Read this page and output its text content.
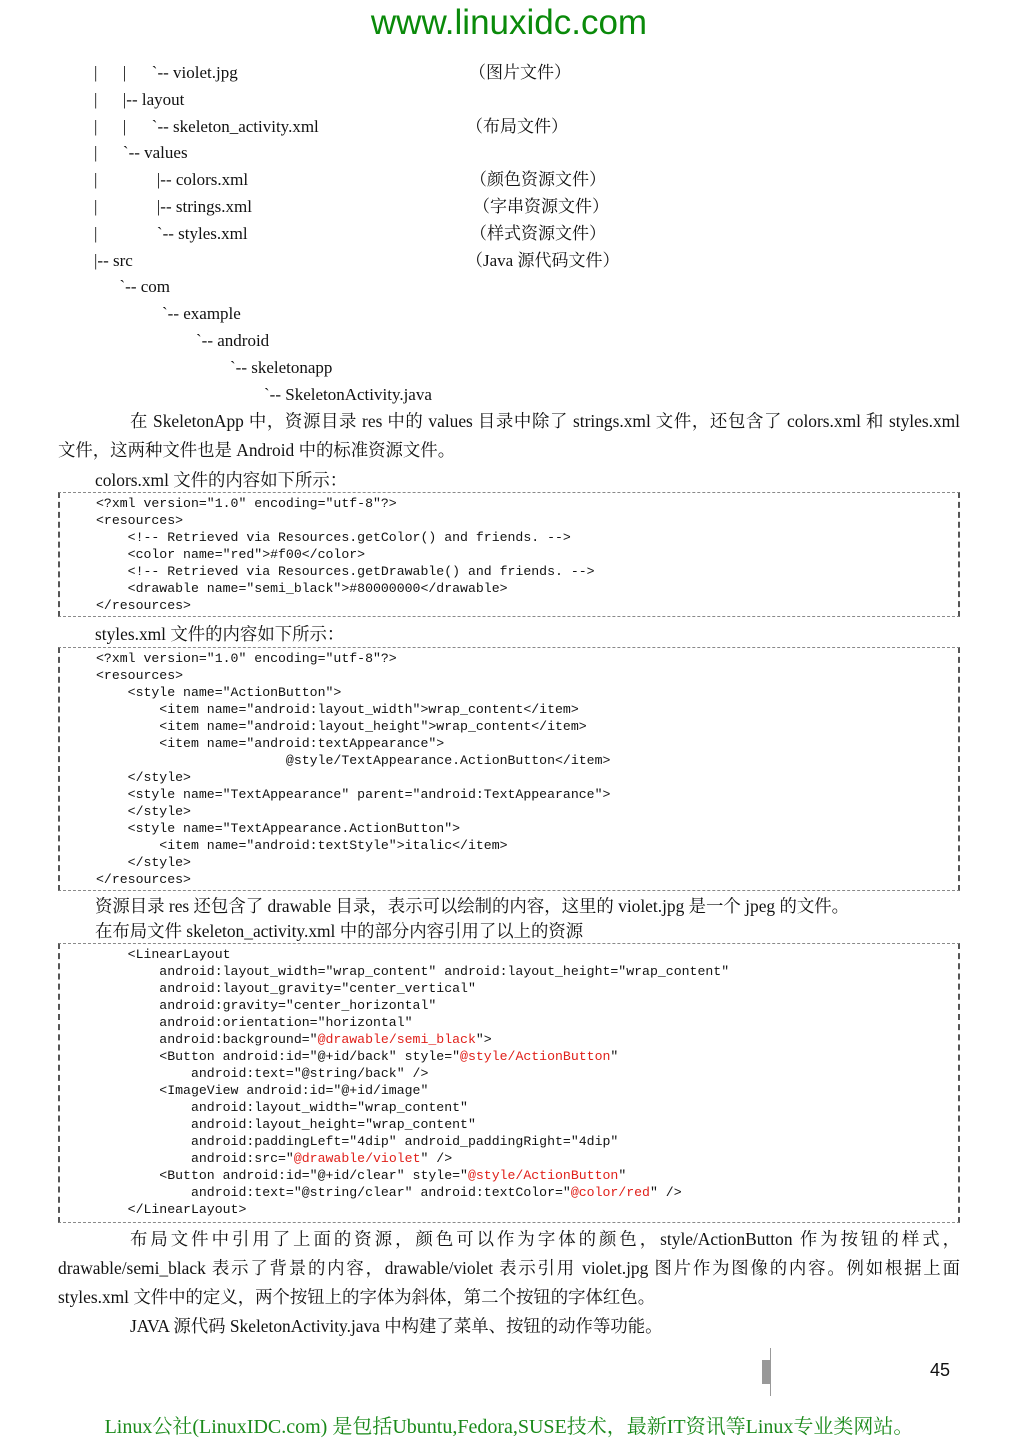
www.linuxidc.com
|      |      `-- violet.jpg	（图片文件）
|      |-- layout
|      |      `-- skeleton_activity.xml	（布局文件）
|      `-- values
|              |-- colors.xml	（颜色资源文件）
|              |-- strings.xml	（字串资源文件）
|              `-- styles.xml	（样式资源文件）
|-- src	（Java 源代码文件）
`-- com
`-- example
`-- android
`-- skeletonapp
`-- SkeletonActivity.java

在 SkeletonApp 中，资源目录 res 中的 values 目录中除了 strings.xml 文件，还包含了 colors.xml 和 styles.xml 文件，这两种文件也是 Android 中的标准资源文件。

colors.xml 文件的内容如下所示：

<?xml version="1.0" encoding="utf-8"?>
<resources>
<!-- Retrieved via Resources.getColor() and friends. -->
<color name="red">#f00</color>
<!-- Retrieved via Resources.getDrawable() and friends. -->
<drawable name="semi_black">#80000000</drawable>
</resources>

styles.xml 文件的内容如下所示：

<?xml version="1.0" encoding="utf-8"?>
<resources>
<style name="ActionButton">
<item name="android:layout_width">wrap_content</item>
<item name="android:layout_height">wrap_content</item>
<item name="android:textAppearance">
@style/TextAppearance.ActionButton</item>
</style>
<style name="TextAppearance" parent="android:TextAppearance">
</style>
<style name="TextAppearance.ActionButton">
<item name="android:textStyle">italic</item>
</style>
</resources>

资源目录 res 还包含了 drawable 目录，表示可以绘制的内容，这里的 violet.jpg 是一个 jpeg 的文件。

在布局文件 skeleton_activity.xml 中的部分内容引用了以上的资源

<LinearLayout
android:layout_width="wrap_content" android:layout_height="wrap_content"
android:layout_gravity="center_vertical"
android:gravity="center_horizontal"
android:orientation="horizontal"
android:background="@drawable/semi_black">
<Button android:id="@+id/back" style="@style/ActionButton"
android:text="@string/back" />
<ImageView android:id="@+id/image"
android:layout_width="wrap_content"
android:layout_height="wrap_content"
android:paddingLeft="4dip" android_paddingRight="4dip"
android:src="@drawable/violet" />
<Button android:id="@+id/clear" style="@style/ActionButton"
android:text="@string/clear" android:textColor="@color/red" />
</LinearLayout>

布局文件中引用了上面的资源，颜色可以作为字体的颜色，style/ActionButton 作为按钮的样式，drawable/semi_black 表示了背景的内容，drawable/violet 表示引用 violet.jpg 图片作为图像的内容。例如根据上面 styles.xml 文件中的定义，两个按钮上的字体为斜体，第二个按钮的字体红色。

JAVA 源代码 SkeletonActivity.java 中构建了菜单、按钮的动作等功能。

45
Linux公社(LinuxIDC.com) 是包括Ubuntu,Fedora,SUSE技术，最新IT资讯等Linux专业类网站。
